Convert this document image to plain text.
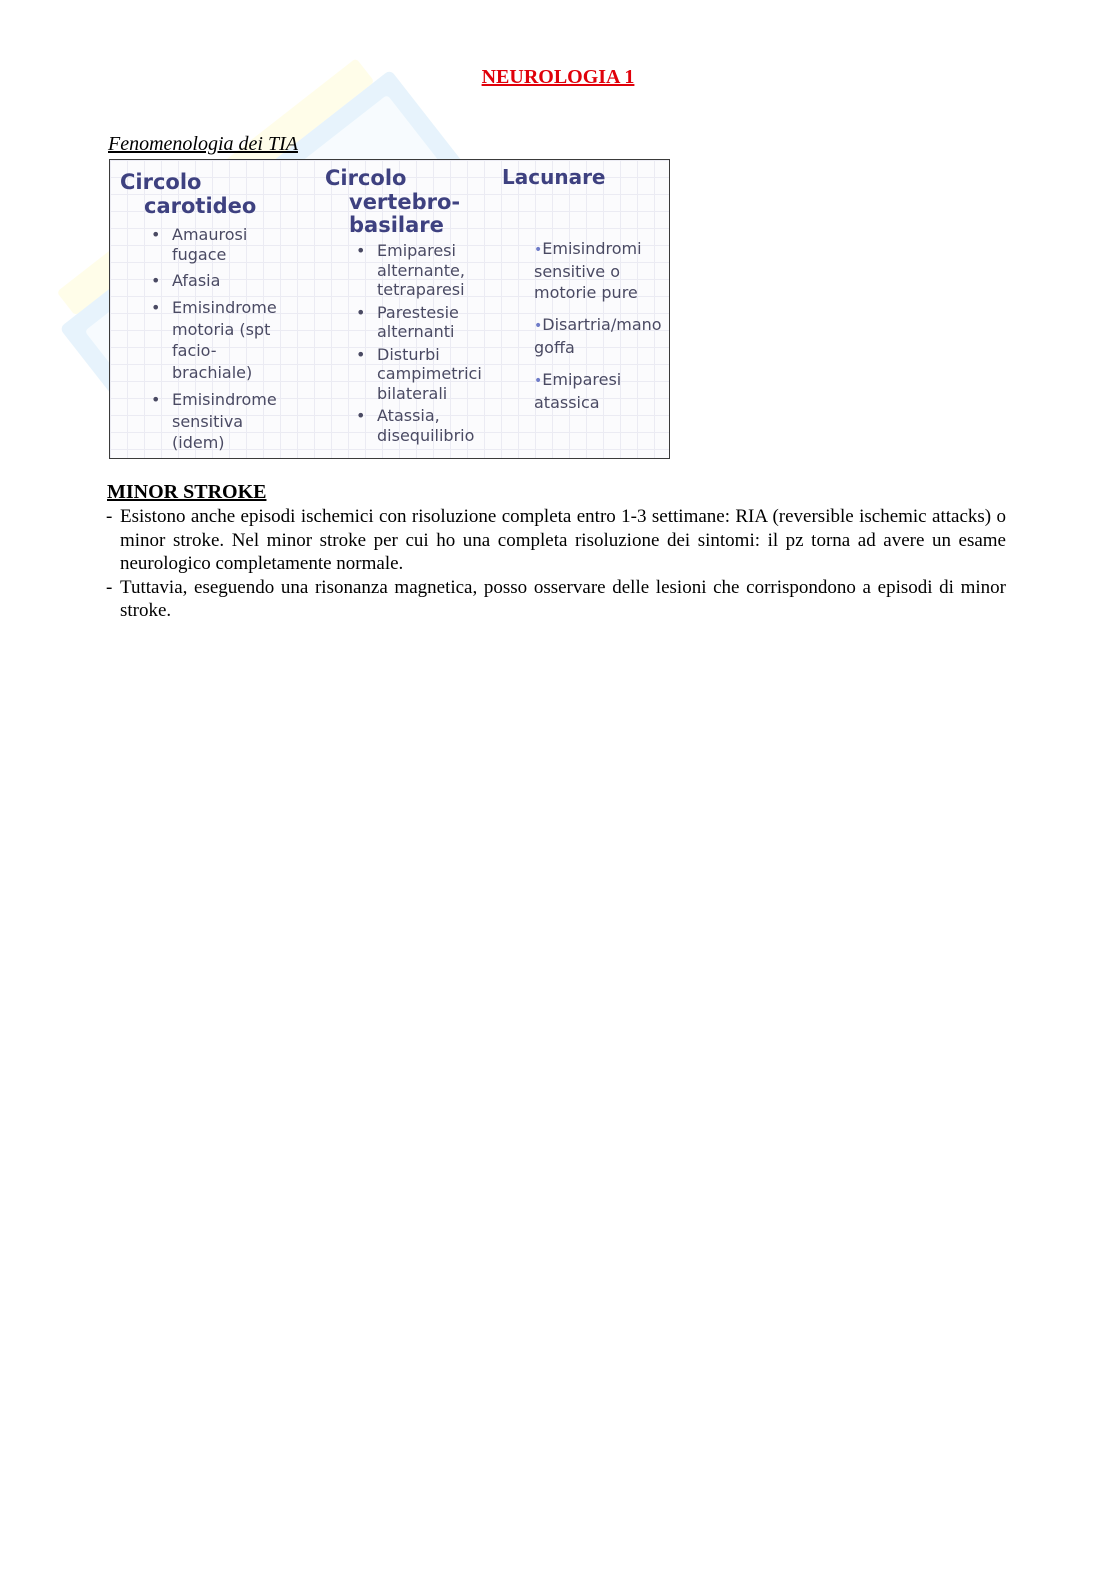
NEUROLOGIA 1
Fenomenologia dei TIA
Circolo
carotideo
• Amaurosi
fugace
• Afasia
• Emisindrome
motoria (spt
facio-
brachiale)
• Emisindrome
sensitiva
(idem)
Circolo
vertebro-
basilare
• Emiparesi
alternante,
tetraparesi
• Parestesie
alternanti
• Disturbi
campimetrici
bilaterali
• Atassia,
disequilibrio
Lacunare
•Emisindromi
sensitive o
motorie pure
•Disartria/mano
goffa
•Emiparesi
atassica
MINOR STROKE
- Esistono anche episodi ischemici con risoluzione completa entro 1-3 settimane: RIA (reversible ischemic attacks) o minor stroke. Nel minor stroke per cui ho una completa risoluzione dei sintomi: il pz torna ad avere un esame neurologico completamente normale.
- Tuttavia, eseguendo una risonanza magnetica, posso osservare delle lesioni che corrispondono a episodi di minor stroke.
